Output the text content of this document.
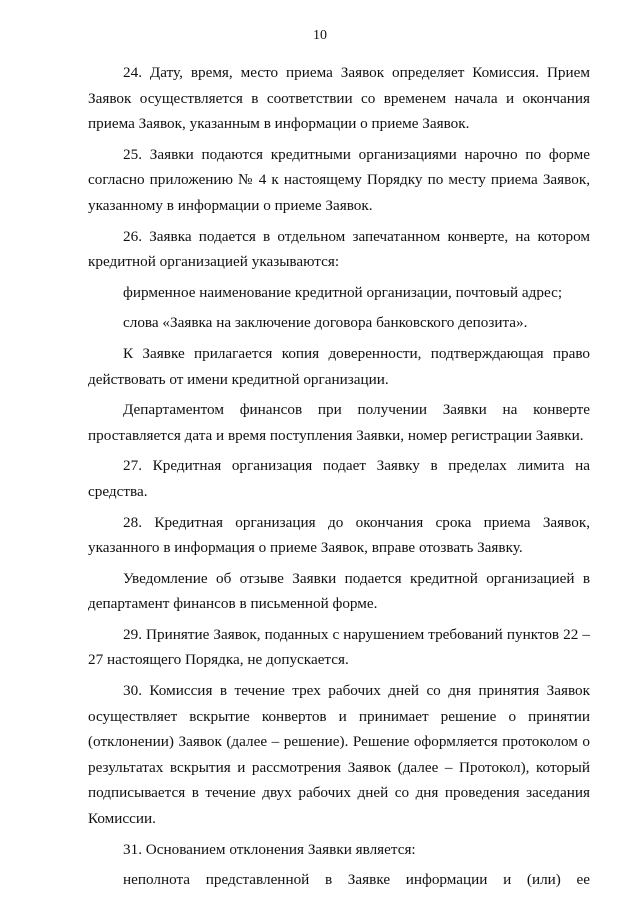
10

24. Дату, время, место приема Заявок определяет Комиссия. Прием Заявок осуществляется в соответствии со временем начала и окончания приема Заявок, указанным в информации о приеме Заявок.

25. Заявки подаются кредитными организациями нарочно по форме согласно приложению № 4 к настоящему Порядку по месту приема Заявок, указанному в информации о приеме Заявок.

26. Заявка подается в отдельном запечатанном конверте, на котором кредитной организацией указываются:

фирменное наименование кредитной организации, почтовый адрес;

слова «Заявка на заключение договора банковского депозита».

К Заявке прилагается копия доверенности, подтверждающая право действовать от имени кредитной организации.

Департаментом финансов при получении Заявки на конверте проставляется дата и время поступления Заявки, номер регистрации Заявки.

27. Кредитная организация подает Заявку в пределах лимита на средства.

28. Кредитная организация до окончания срока приема Заявок, указанного в информация о приеме Заявок, вправе отозвать Заявку.

Уведомление об отзыве Заявки подается кредитной организацией в департамент финансов в письменной форме.

29. Принятие Заявок, поданных с нарушением требований пунктов 22 – 27 настоящего Порядка, не допускается.

30. Комиссия в течение трех рабочих дней со дня принятия Заявок осуществляет вскрытие конвертов и принимает решение о принятии (отклонении) Заявок (далее – решение). Решение оформляется протоколом о результатах вскрытия и рассмотрения Заявок (далее – Протокол), который подписывается в течение двух рабочих дней со дня проведения заседания Комиссии.

31. Основанием отклонения Заявки является:

неполнота представленной в Заявке информации и (или) ее
